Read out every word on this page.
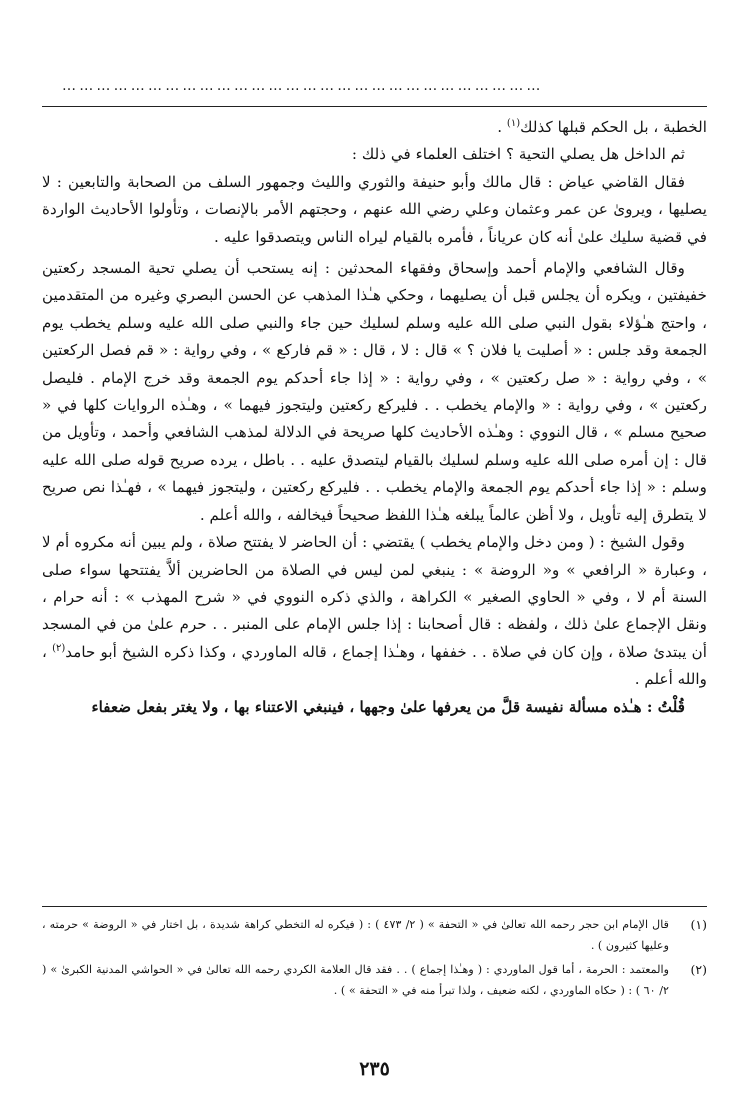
…………………………………………………………………………

الخطبة ، بل الحكم قبلها كذلك$^{(١)}$ .

ثم الداخل هل يصلي التحية ؟ اختلف العلماء في ذلك :

فقال القاضي عياض : قال مالك وأبو حنيفة والثوري والليث وجمهور السلف من الصحابة والتابعين : لا يصليها ، ويروىٰ عن عمر وعثمان وعلي رضي الله عنهم ، وحجتهم الأمر بالإنصات ، وتأولوا الأحاديث الواردة في قضية سليك علىٰ أنه كان عرياناً ، فأمره بالقيام ليراه الناس ويتصدقوا عليه .

وقال الشافعي والإمام أحمد وإسحاق وفقهاء المحدثين : إنه يستحب أن يصلي تحية المسجد ركعتين خفيفتين ، ويكره أن يجلس قبل أن يصليهما ، وحكي هـٰذا المذهب عن الحسن البصري وغيره من المتقدمين ، واحتج هـٰؤلاء بقول النبي صلى الله عليه وسلم لسليك حين جاء والنبي صلى الله عليه وسلم يخطب يوم الجمعة وقد جلس : « أصليت يا فلان ؟ » قال : لا ، قال : « قم فاركع » ، وفي رواية : « قم فصل الركعتين » ، وفي رواية : « صل ركعتين » ، وفي رواية : « إذا جاء أحدكم يوم الجمعة وقد خرج الإمام . فليصل ركعتين » ، وفي رواية : « والإمام يخطب . . فليركع ركعتين وليتجوز فيهما » ، وهـٰذه الروايات كلها في « صحيح مسلم » ، قال النووي : وهـٰذه الأحاديث كلها صريحة في الدلالة لمذهب الشافعي وأحمد ، وتأويل من قال : إن أمره صلى الله عليه وسلم لسليك بالقيام ليتصدق عليه . . باطل ، يرده صريح قوله صلى الله عليه وسلم : « إذا جاء أحدكم يوم الجمعة والإمام يخطب . . فليركع ركعتين ، وليتجوز فيهما » ، فهـٰذا نص صريح لا يتطرق إليه تأويل ، ولا أظن عالماً يبلغه هـٰذا اللفظ صحيحاً فيخالفه ، والله أعلم .

وقول الشيخ : ( ومن دخل والإمام يخطب ) يقتضي : أن الحاضر لا يفتتح صلاة ، ولم يبين أنه مكروه أم لا ، وعبارة « الرافعي » و« الروضة » : ينبغي لمن ليس في الصلاة من الحاضرين ألاَّ يفتتحها سواء صلى السنة أم لا ، وفي « الحاوي الصغير » الكراهة ، والذي ذكره النووي في « شرح المهذب » : أنه حرام ، ونقل الإجماع علىٰ ذلك ، ولفظه : قال أصحابنا : إذا جلس الإمام على المنبر . . حرم علىٰ من في المسجد أن يبتدئ صلاة ، وإن كان في صلاة . . خففها ، وهـٰذا إجماع ، قاله الماوردي ، وكذا ذكره الشيخ أبو حامد$^{(٢)}$ ، والله أعلم .

قُلْتُ : هـٰذه مسألة نفيسة قلَّ من يعرفها علىٰ وجهها ، فينبغي الاعتناء بها ، ولا يغتر بفعل ضعفاء

(١)
قال الإمام ابن حجر رحمه الله تعالىٰ في « التحفة » ( ٢/ ٤٧٣ ) : ( فيكره له التخطي كراهة شديدة ، بل اختار في « الروضة » حرمته ، وعليها كثيرون ) .
(٢)
والمعتمد : الحرمة ، أما قول الماوردي : ( وهـٰذا إجماع ) . . فقد قال العلامة الكردي رحمه الله تعالىٰ في « الحواشي المدنية الكبرىٰ » ( ٢/ ٦٠ ) : ( حكاه الماوردي ، لكنه ضعيف ، ولذا تبرأ منه في « التحفة » ) .
٢٣٥
